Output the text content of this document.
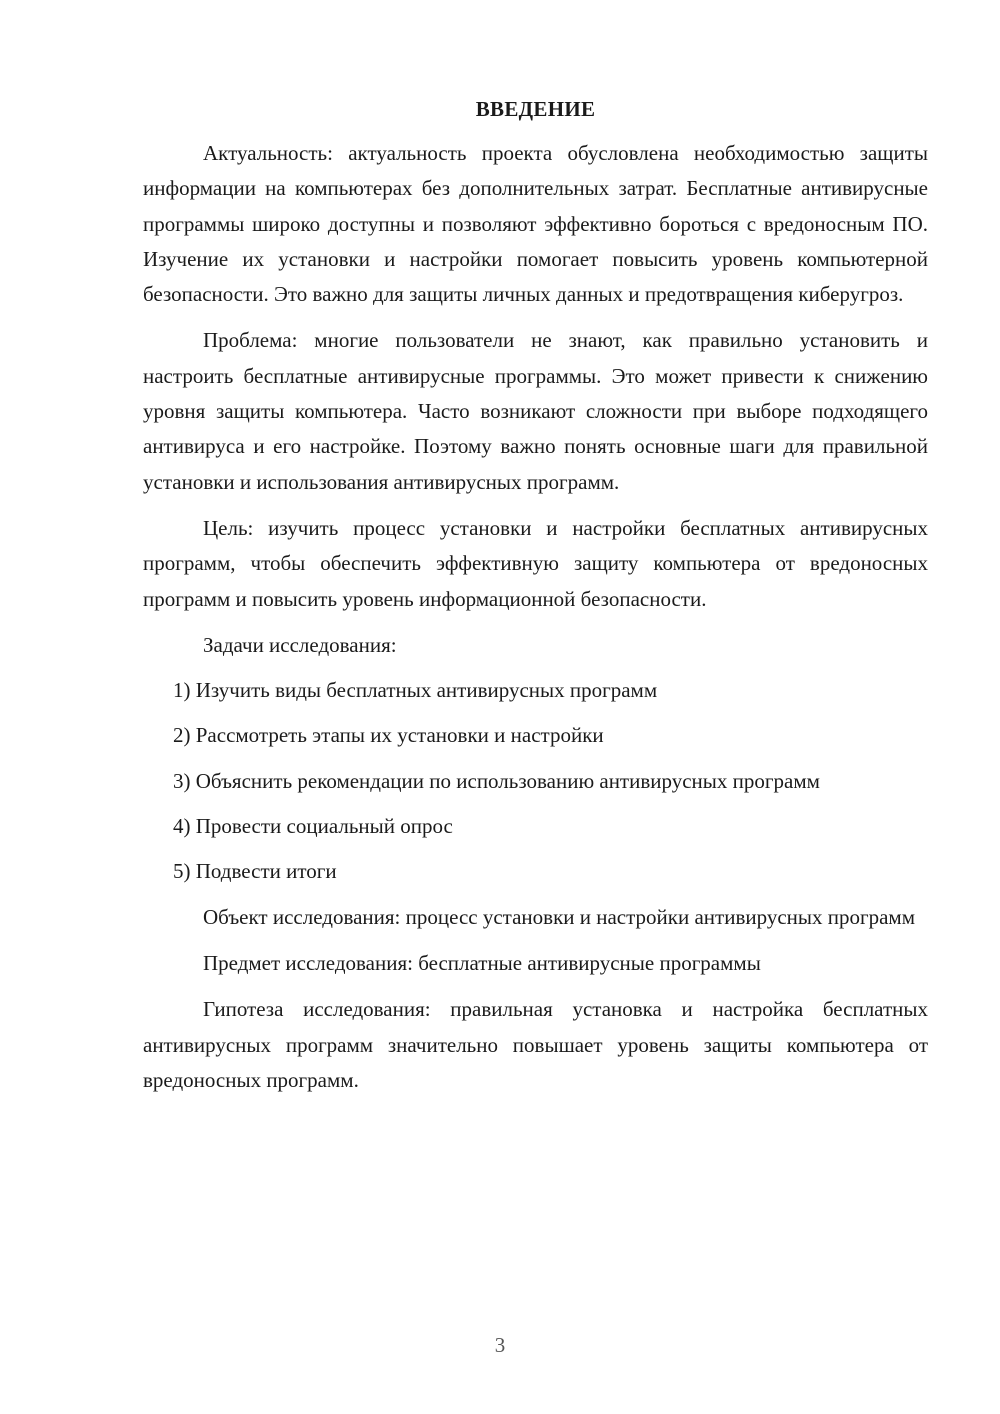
ВВЕДЕНИЕ

Актуальность: актуальность проекта обусловлена необходимостью защиты информации на компьютерах без дополнительных затрат. Бесплатные антивирусные программы широко доступны и позволяют эффективно бороться с вредоносным ПО. Изучение их установки и настройки помогает повысить уровень компьютерной безопасности. Это важно для защиты личных данных и предотвращения киберугроз.

Проблема: многие пользователи не знают, как правильно установить и настроить бесплатные антивирусные программы. Это может привести к снижению уровня защиты компьютера. Часто возникают сложности при выборе подходящего антивируса и его настройке. Поэтому важно понять основные шаги для правильной установки и использования антивирусных программ.

Цель: изучить процесс установки и настройки бесплатных антивирусных программ, чтобы обеспечить эффективную защиту компьютера от вредоносных программ и повысить уровень информационной безопасности.

Задачи исследования:

1) Изучить виды бесплатных антивирусных программ

2) Рассмотреть этапы их установки и настройки

3) Объяснить рекомендации по использованию антивирусных программ

4) Провести социальный опрос

5) Подвести итоги

Объект исследования: процесс установки и настройки антивирусных программ

Предмет исследования: бесплатные антивирусные программы

Гипотеза исследования: правильная установка и настройка бесплатных антивирусных программ значительно повышает уровень защиты компьютера от вредоносных программ.

3
